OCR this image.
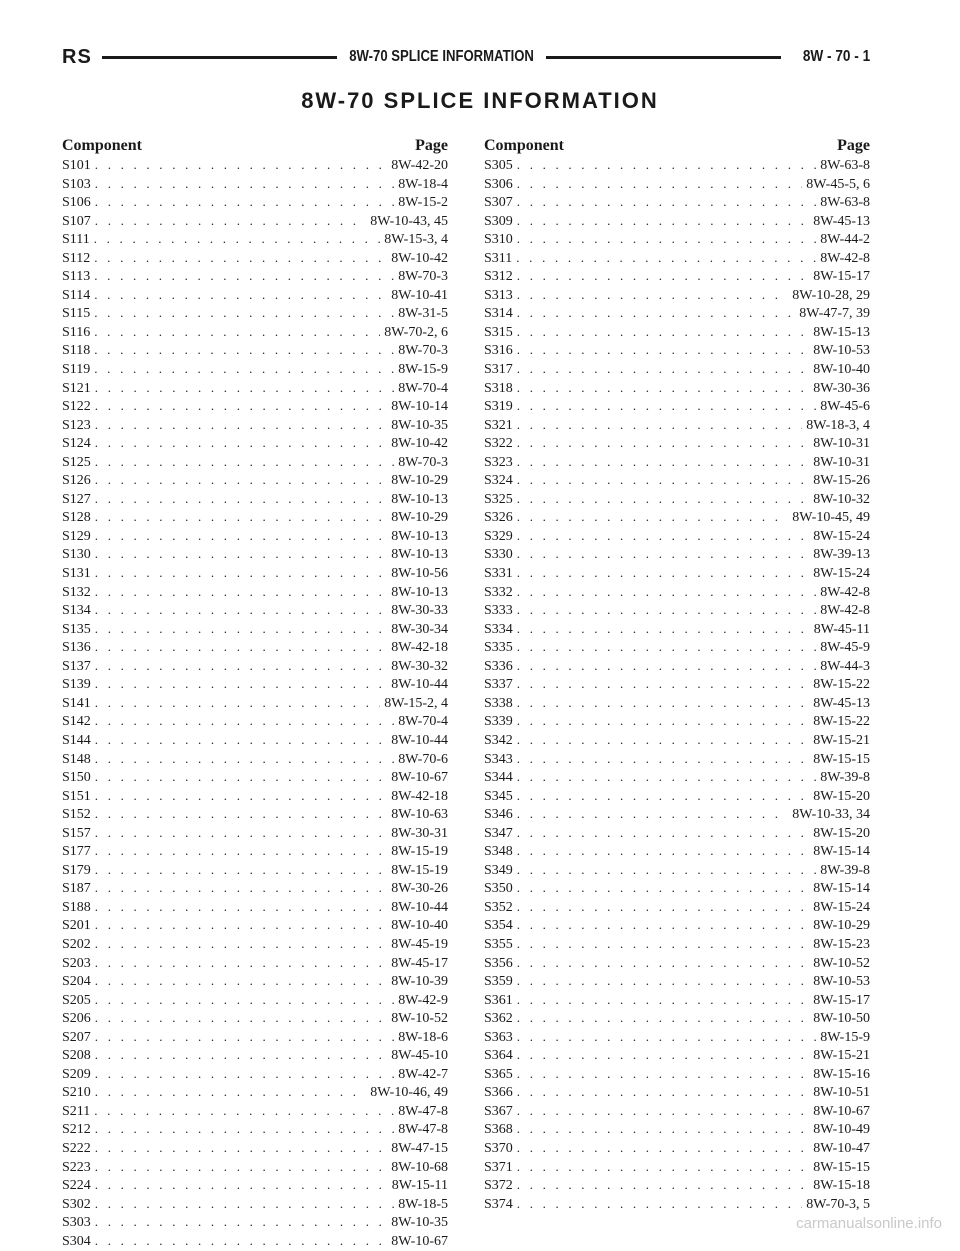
RS	8W-70 SPLICE INFORMATION	8W - 70 - 1
8W-70 SPLICE INFORMATION
Component	Page
S101 . . .	8W-42-20
S103 . . .	8W-18-4
S106 . . .	8W-15-2
S107 . . .	8W-10-43, 45
S111 . . .	8W-15-3, 4
S112 . . .	8W-10-42
S113 . . .	8W-70-3
S114 . . .	8W-10-41
S115 . . .	8W-31-5
S116 . . .	8W-70-2, 6
S118 . . .	8W-70-3
S119 . . .	8W-15-9
S121 . . .	8W-70-4
S122 . . .	8W-10-14
S123 . . .	8W-10-35
S124 . . .	8W-10-42
S125 . . .	8W-70-3
S126 . . .	8W-10-29
S127 . . .	8W-10-13
S128 . . .	8W-10-29
S129 . . .	8W-10-13
S130 . . .	8W-10-13
S131 . . .	8W-10-56
S132 . . .	8W-10-13
S134 . . .	8W-30-33
S135 . . .	8W-30-34
S136 . . .	8W-42-18
S137 . . .	8W-30-32
S139 . . .	8W-10-44
S141 . . .	8W-15-2, 4
S142 . . .	8W-70-4
S144 . . .	8W-10-44
S148 . . .	8W-70-6
S150 . . .	8W-10-67
S151 . . .	8W-42-18
S152 . . .	8W-10-63
S157 . . .	8W-30-31
S177 . . .	8W-15-19
S179 . . .	8W-15-19
S187 . . .	8W-30-26
S188 . . .	8W-10-44
S201 . . .	8W-10-40
S202 . . .	8W-45-19
S203 . . .	8W-45-17
S204 . . .	8W-10-39
S205 . . .	8W-42-9
S206 . . .	8W-10-52
S207 . . .	8W-18-6
S208 . . .	8W-45-10
S209 . . .	8W-42-7
S210 . . .	8W-10-46, 49
S211 . . .	8W-47-8
S212 . . .	8W-47-8
S222 . . .	8W-47-15
S223 . . .	8W-10-68
S224 . . .	8W-15-11
S302 . . .	8W-18-5
S303 . . .	8W-10-35
S304 . . .	8W-10-67
Component	Page
S305 . . .	8W-63-8
S306 . . .	8W-45-5, 6
S307 . . .	8W-63-8
S309 . . .	8W-45-13
S310 . . .	8W-44-2
S311 . . .	8W-42-8
S312 . . .	8W-15-17
S313 . . .	8W-10-28, 29
S314 . . .	8W-47-7, 39
S315 . . .	8W-15-13
S316 . . .	8W-10-53
S317 . . .	8W-10-40
S318 . . .	8W-30-36
S319 . . .	8W-45-6
S321 . . .	8W-18-3, 4
S322 . . .	8W-10-31
S323 . . .	8W-10-31
S324 . . .	8W-15-26
S325 . . .	8W-10-32
S326 . . .	8W-10-45, 49
S329 . . .	8W-15-24
S330 . . .	8W-39-13
S331 . . .	8W-15-24
S332 . . .	8W-42-8
S333 . . .	8W-42-8
S334 . . .	8W-45-11
S335 . . .	8W-45-9
S336 . . .	8W-44-3
S337 . . .	8W-15-22
S338 . . .	8W-45-13
S339 . . .	8W-15-22
S342 . . .	8W-15-21
S343 . . .	8W-15-15
S344 . . .	8W-39-8
S345 . . .	8W-15-20
S346 . . .	8W-10-33, 34
S347 . . .	8W-15-20
S348 . . .	8W-15-14
S349 . . .	8W-39-8
S350 . . .	8W-15-14
S352 . . .	8W-15-24
S354 . . .	8W-10-29
S355 . . .	8W-15-23
S356 . . .	8W-10-52
S359 . . .	8W-10-53
S361 . . .	8W-15-17
S362 . . .	8W-10-50
S363 . . .	8W-15-9
S364 . . .	8W-15-21
S365 . . .	8W-15-16
S366 . . .	8W-10-51
S367 . . .	8W-10-67
S368 . . .	8W-10-49
S370 . . .	8W-10-47
S371 . . .	8W-15-15
S372 . . .	8W-15-18
S374 . . .	8W-70-3, 5
carmanualsonline.info
